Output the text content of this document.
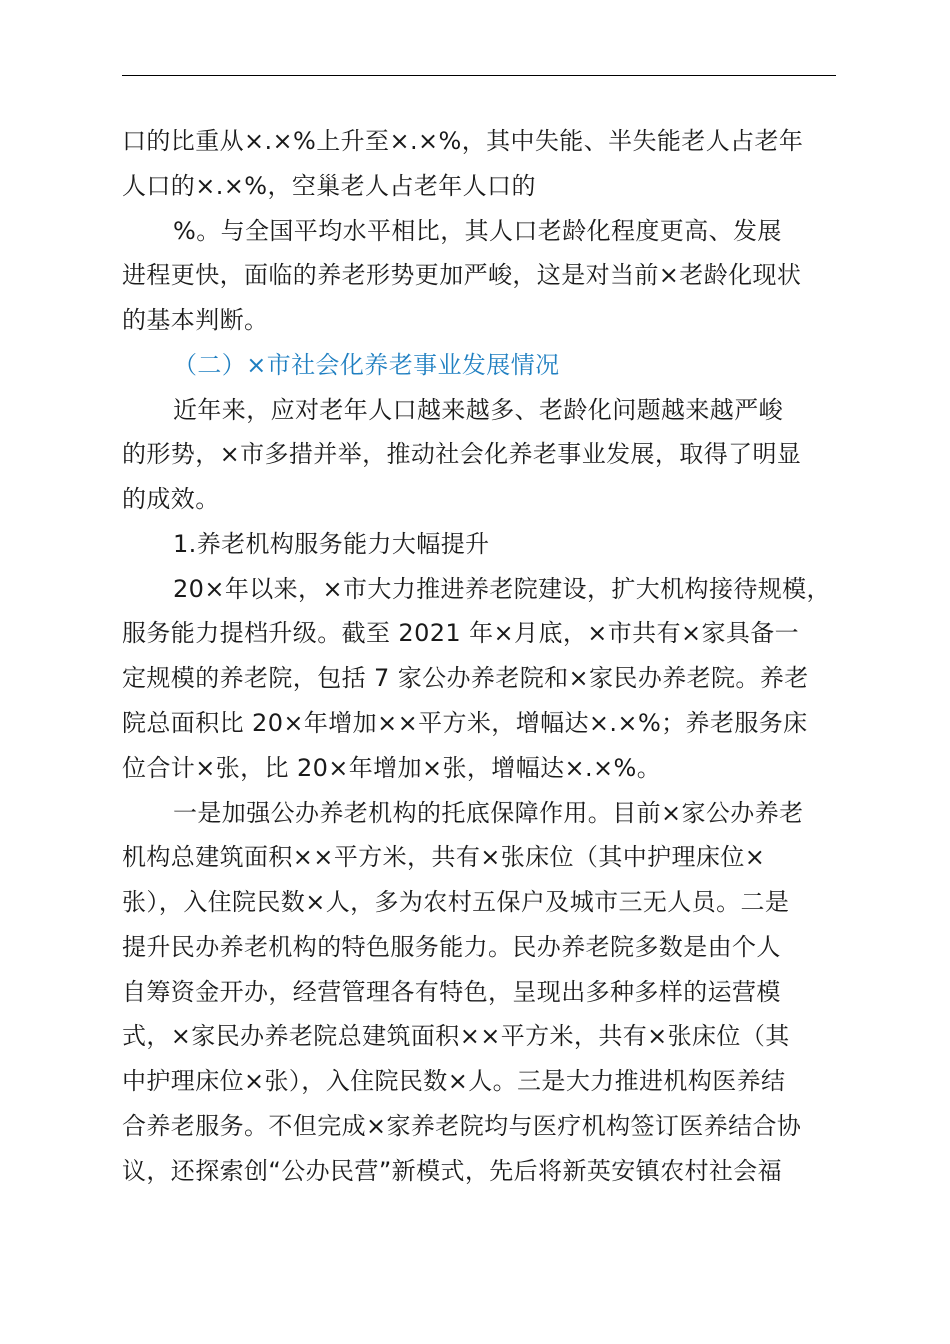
口的比重从×.×%上升至×.×%，其中失能、半失能老人占老年
人口的×.×%，空巢老人占老年人口的
%。与全国平均水平相比，其人口老龄化程度更高、发展
进程更快，面临的养老形势更加严峻，这是对当前×老龄化现状
的基本判断。
（二）×市社会化养老事业发展情况
近年来，应对老年人口越来越多、老龄化问题越来越严峻
的形势，×市多措并举，推动社会化养老事业发展，取得了明显
的成效。
1.养老机构服务能力大幅提升
20×年以来，×市大力推进养老院建设，扩大机构接待规模，
服务能力提档升级。截至 2021 年×月底，×市共有×家具备一
定规模的养老院，包括 7 家公办养老院和×家民办养老院。养老
院总面积比 20×年增加××平方米，增幅达×.×%；养老服务床
位合计×张，比 20×年增加×张，增幅达×.×%。
一是加强公办养老机构的托底保障作用。目前×家公办养老
机构总建筑面积××平方米，共有×张床位（其中护理床位×
张），入住院民数×人，多为农村五保户及城市三无人员。二是
提升民办养老机构的特色服务能力。民办养老院多数是由个人
自筹资金开办，经营管理各有特色，呈现出多种多样的运营模
式，×家民办养老院总建筑面积××平方米，共有×张床位（其
中护理床位×张），入住院民数×人。三是大力推进机构医养结
合养老服务。不但完成×家养老院均与医疗机构签订医养结合协
议，还探索创“公办民营”新模式，先后将新英安镇农村社会福
